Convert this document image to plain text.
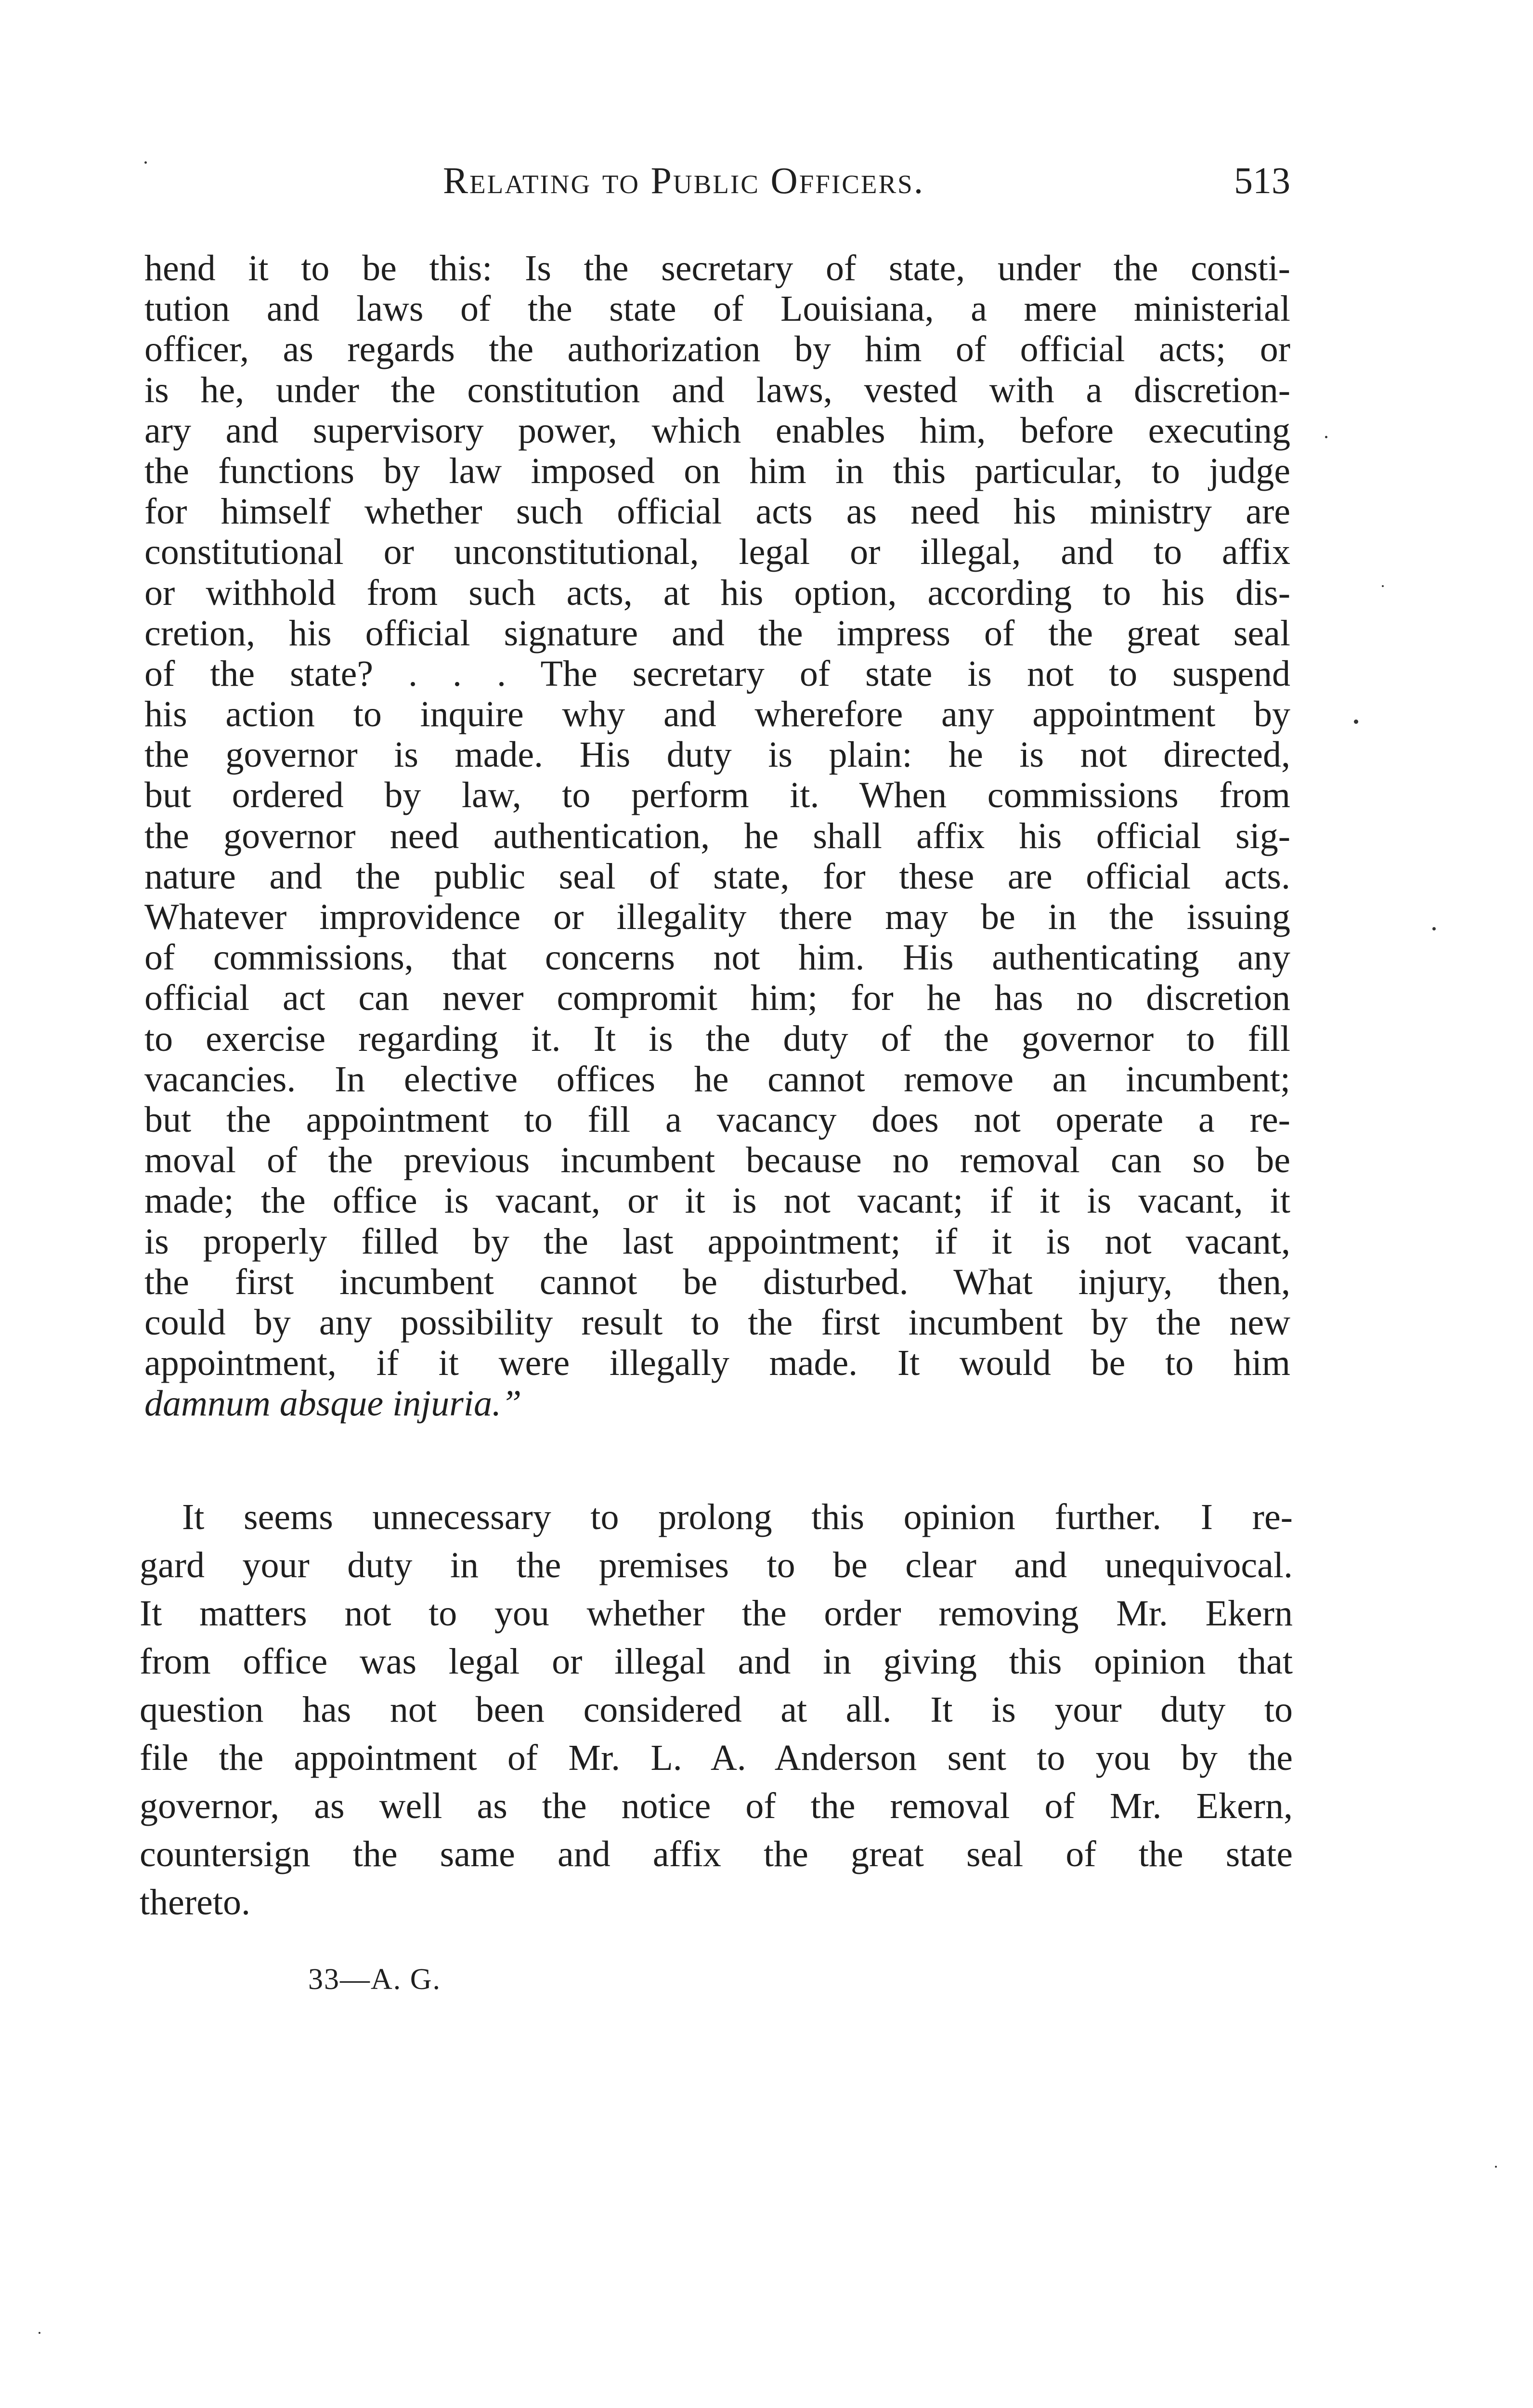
Relating to Public Officers.	513
hend it to be this: Is the secretary of state, under the consti-
tution and laws of the state of Louisiana, a mere ministerial
officer, as regards the authorization by him of official acts; or
is he, under the constitution and laws, vested with a discretion-
ary and supervisory power, which enables him, before executing
the functions by law imposed on him in this particular, to judge
for himself whether such official acts as need his ministry are
constitutional or unconstitutional, legal or illegal, and to affix
or withhold from such acts, at his option, according to his dis-
cretion, his official signature and the impress of the great seal
of the state? . . . The secretary of state is not to suspend
his action to inquire why and wherefore any appointment by
the governor is made. His duty is plain: he is not directed,
but ordered by law, to perform it. When commissions from
the governor need authentication, he shall affix his official sig-
nature and the public seal of state, for these are official acts.
Whatever improvidence or illegality there may be in the issuing
of commissions, that concerns not him. His authenticating any
official act can never compromit him; for he has no discretion
to exercise regarding it. It is the duty of the governor to fill
vacancies. In elective offices he cannot remove an incumbent;
but the appointment to fill a vacancy does not operate a re-
moval of the previous incumbent because no removal can so be
made; the office is vacant, or it is not vacant; if it is vacant, it
is properly filled by the last appointment; if it is not vacant,
the first incumbent cannot be disturbed. What injury, then,
could by any possibility result to the first incumbent by the new
appointment, if it were illegally made. It would be to him
damnum absque injuria.”
It seems unnecessary to prolong this opinion further. I re-
gard your duty in the premises to be clear and unequivocal.
It matters not to you whether the order removing Mr. Ekern
from office was legal or illegal and in giving this opinion that
question has not been considered at all. It is your duty to
file the appointment of Mr. L. A. Anderson sent to you by the
governor, as well as the notice of the removal of Mr. Ekern,
countersign the same and affix the great seal of the state
thereto.
33—A. G.
